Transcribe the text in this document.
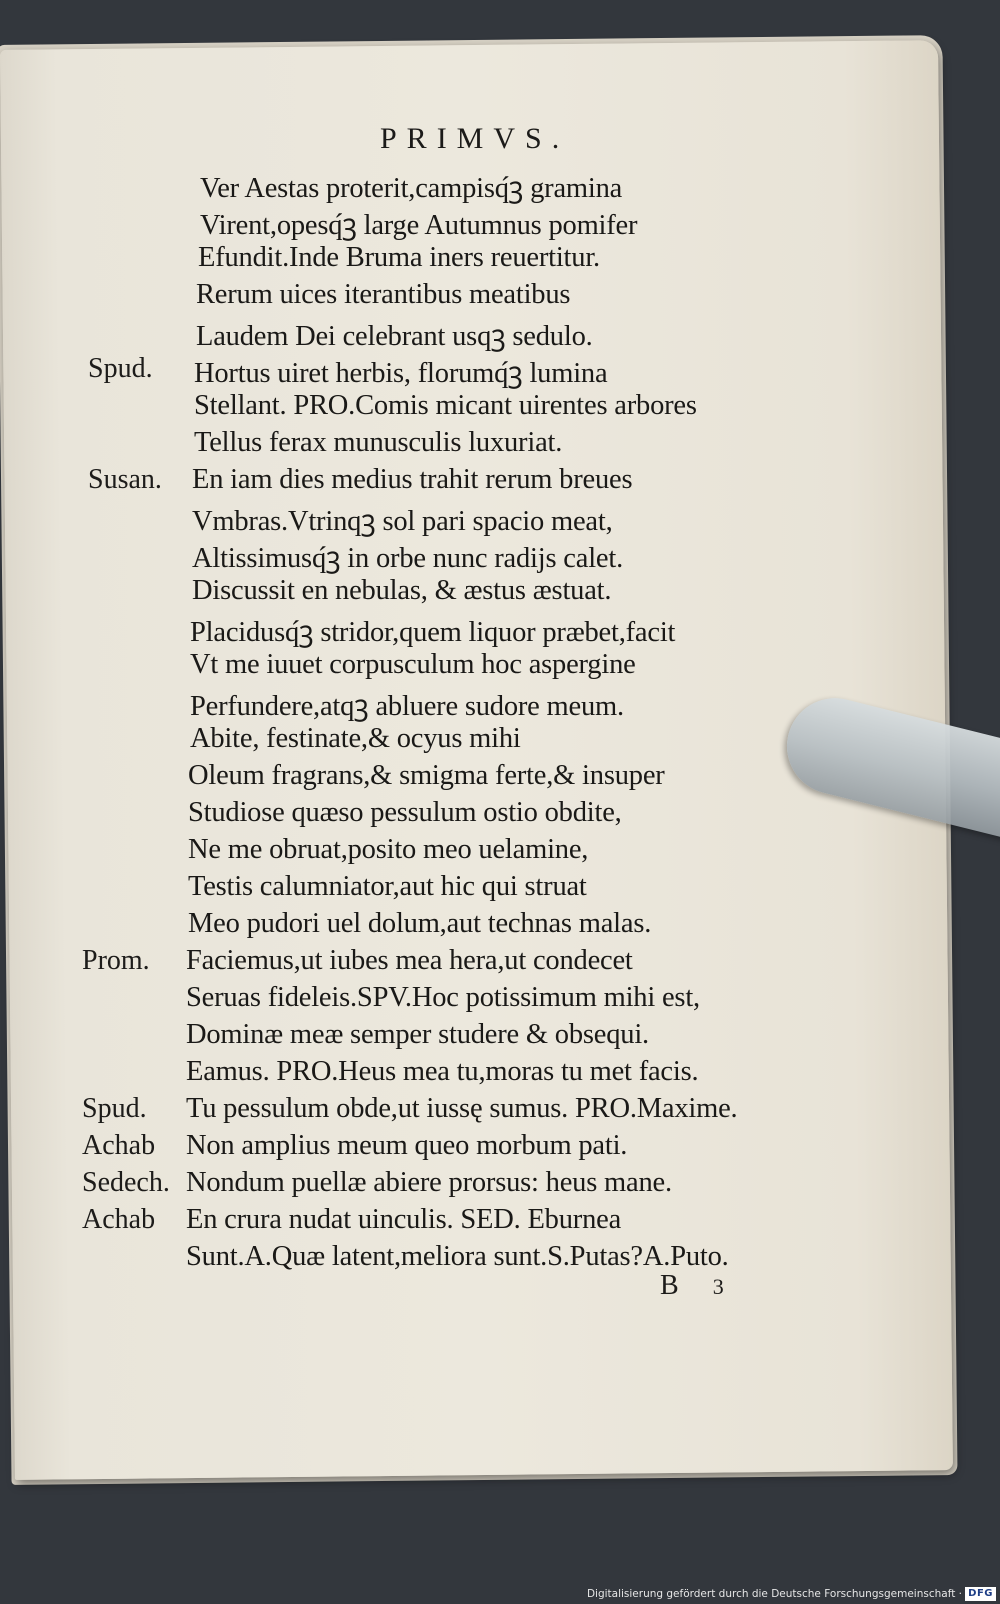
PRIMVS.
Ver Aestas proterit,campisq́ꝫ gramina
Virent,opesq́ꝫ large Autumnus pomifer
Efundit.Inde Bruma iners reuertitur.
Rerum uices iterantibus meatibus
Laudem Dei celebrant usqꝫ sedulo.
Spud. Hortus uiret herbis, florumq́ꝫ lumina
Stellant. PRO.Comis micant uirentes arbores
Tellus ferax munusculis luxuriat.
Susan. En iam dies medius trahit rerum breues
Vmbras.Vtrinqꝫ sol pari spacio meat,
Altissimusq́ꝫ in orbe nunc radijs calet.
Discussit en nebulas, & æstus æstuat.
Placidusq́ꝫ stridor,quem liquor præbet,facit
Vt me iuuet corpusculum hoc aspergine
Perfundere,atqꝫ abluere sudore meum.
Abite, festinate,& ocyus mihi
Oleum fragrans,& smigma ferte,& insuper
Studiose quæso pessulum ostio obdite,
Ne me obruat,posito meo uelamine,
Testis calumniator,aut hic qui struat
Meo pudori uel dolum,aut technas malas.
Prom. Faciemus,ut iubes mea hera,ut condecet
Seruas fideleis.SPV.Hoc potissimum mihi est,
Dominæ meæ semper studere & obsequi.
Eamus. PRO.Heus mea tu,moras tu met facis.
Spud. Tu pessulum obde,ut iussę sumus. PRO.Maxime.
Achab Non amplius meum queo morbum pati.
Sedech. Nondum puellæ abiere prorsus: heus mane.
Achab En crura nudat uinculis. SED. Eburnea
Sunt.A.Quæ latent,meliora sunt.S.Putas?A.Puto.
B 3
Digitalisierung gefördert durch die Deutsche Forschungsgemeinschaft · DFG
